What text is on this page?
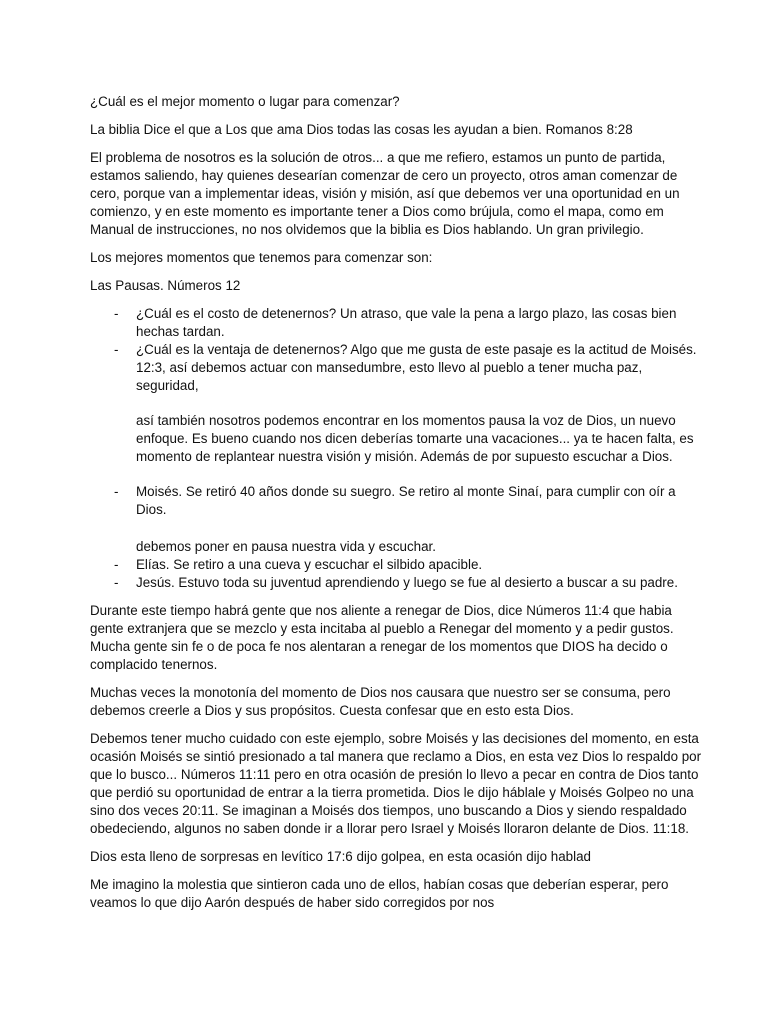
¿Cuál es el mejor momento o lugar para comenzar?

La biblia Dice el que a Los que ama Dios todas las cosas les ayudan a bien. Romanos 8:28

El problema de nosotros es la solución de otros... a que me refiero, estamos un punto de partida, estamos saliendo, hay quienes desearían comenzar de cero un proyecto, otros aman comenzar de cero, porque van a implementar ideas, visión y misión, así que debemos ver una oportunidad en un comienzo, y en este momento es importante tener a Dios como brújula, como el mapa, como em Manual de instrucciones, no nos olvidemos que la biblia es Dios hablando. Un gran privilegio.

Los mejores momentos que tenemos para comenzar son:

Las Pausas. Números 12

- ¿Cuál es el costo de detenernos? Un atraso, que vale la pena a largo plazo, las cosas bien hechas tardan.
- ¿Cuál es la ventaja de detenernos? Algo que me gusta de este pasaje es la actitud de Moisés. 12:3, así debemos actuar con mansedumbre, esto llevo al pueblo a tener mucha paz, seguridad,

así también nosotros podemos encontrar en los momentos pausa la voz de Dios, un nuevo enfoque. Es bueno cuando nos dicen deberías tomarte una vacaciones... ya te hacen falta, es momento de replantear nuestra visión y misión. Además de por supuesto escuchar a Dios.

- Moisés. Se retiró 40 años donde su suegro. Se retiro al monte Sinaí, para cumplir con oír a Dios.

debemos poner en pausa nuestra vida y escuchar.

- Elías. Se retiro a una cueva y escuchar el silbido apacible.
- Jesús. Estuvo toda su juventud aprendiendo y luego se fue al desierto a buscar a su padre.

Durante este tiempo habrá gente que nos aliente a renegar de Dios, dice Números 11:4 que habia gente extranjera que se mezclo y esta incitaba al pueblo a Renegar del momento y a pedir gustos. Mucha gente sin fe o de poca fe nos alentaran a renegar de los momentos que DIOS ha decido o complacido tenernos.

Muchas veces la monotonía del momento de Dios nos causara que nuestro ser se consuma, pero debemos creerle a Dios y sus propósitos. Cuesta confesar que en esto esta Dios.

Debemos tener mucho cuidado con este ejemplo, sobre Moisés y las decisiones del momento, en esta ocasión Moisés se sintió presionado a tal manera que reclamo a Dios, en esta vez Dios lo respaldo por que lo busco... Números 11:11 pero en otra ocasión de presión lo llevo a pecar en contra de Dios tanto que perdió su oportunidad de entrar a la tierra prometida. Dios le dijo háblale y Moisés Golpeo no una sino dos veces 20:11. Se imaginan a Moisés dos tiempos, uno buscando a Dios y siendo respaldado obedeciendo, algunos no saben donde ir a llorar pero Israel y Moisés lloraron delante de Dios. 11:18.

Dios esta lleno de sorpresas en levítico 17:6 dijo golpea, en esta ocasión dijo hablad

Me imagino la molestia que sintieron cada uno de ellos, habían cosas que deberían esperar, pero veamos lo que dijo Aarón después de haber sido corregidos por nos
